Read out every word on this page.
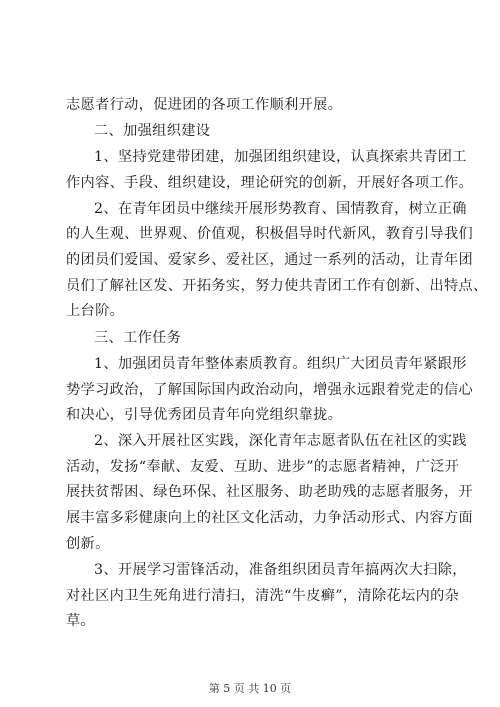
志愿者行动，促进团的各项工作顺利开展。
二、加强组织建设
1、坚持党建带团建，加强团组织建设，认真探索共青团工
作内容、手段、组织建设，理论研究的创新，开展好各项工作。
2、在青年团员中继续开展形势教育、国情教育，树立正确
的人生观、世界观、价值观，积极倡导时代新风，教育引导我们
的团员们爱国、爱家乡、爱社区，通过一系列的活动，让青年团
员们了解社区发、开拓务实，努力使共青团工作有创新、出特点、
上台阶。
三、工作任务
1、加强团员青年整体素质教育。组织广大团员青年紧跟形
势学习政治，了解国际国内政治动向，增强永远跟着党走的信心
和决心，引导优秀团员青年向党组织靠拢。
2、深入开展社区实践，深化青年志愿者队伍在社区的实践
活动，发扬“奉献、友爱、互助、进步”的志愿者精神，广泛开
展扶贫帮困、绿色环保、社区服务、助老助残的志愿者服务，开
展丰富多彩健康向上的社区文化活动，力争活动形式、内容方面
创新。
3、开展学习雷锋活动，准备组织团员青年搞两次大扫除，
对社区内卫生死角进行清扫，清洗“牛皮癣”，清除花坛内的杂
草。
第 5 页 共 10 页
